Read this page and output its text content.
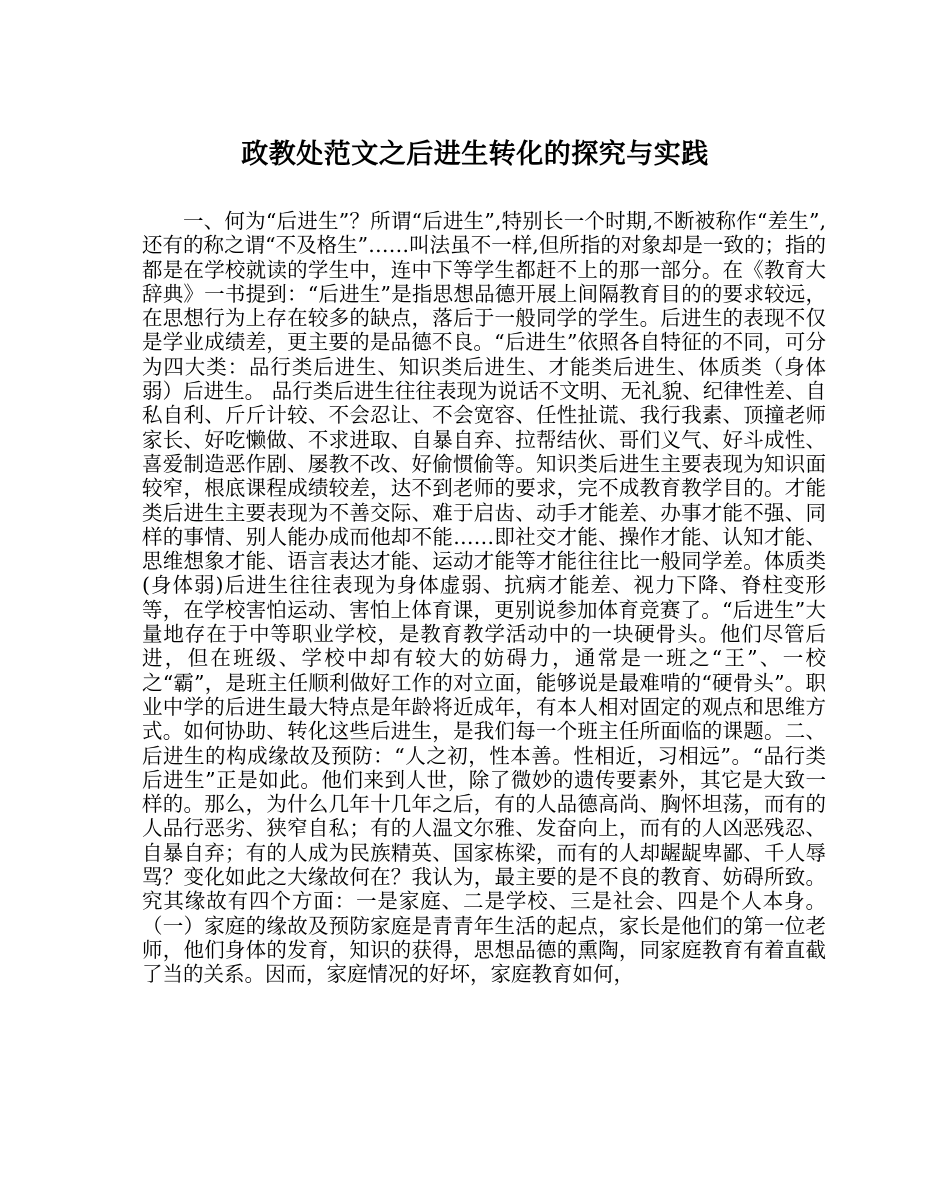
政教处范文之后进生转化的探究与实践

一、何为“后进生”？所谓“后进生”,特别长一个时期,不断被称作“差生”,还有的称之谓“不及格生”……叫法虽不一样,但所指的对象却是一致的；指的都是在学校就读的学生中，连中下等学生都赶不上的那一部分。在《教育大辞典》一书提到：“后进生”是指思想品德开展上间隔教育目的的要求较远，在思想行为上存在较多的缺点，落后于一般同学的学生。后进生的表现不仅是学业成绩差，更主要的是品德不良。“后进生”依照各自特征的不同，可分为四大类：品行类后进生、知识类后进生、才能类后进生、体质类（身体弱）后进生。 品行类后进生往往表现为说话不文明、无礼貌、纪律性差、自私自利、斤斤计较、不会忍让、不会宽容、任性扯谎、我行我素、顶撞老师家长、好吃懒做、不求进取、自暴自弃、拉帮结伙、哥们义气、好斗成性、喜爱制造恶作剧、屡教不改、好偷惯偷等。知识类后进生主要表现为知识面较窄，根底课程成绩较差，达不到老师的要求，完不成教育教学目的。才能类后进生主要表现为不善交际、难于启齿、动手才能差、办事才能不强、同样的事情、别人能办成而他却不能……即社交才能、操作才能、认知才能、思维想象才能、语言表达才能、运动才能等才能往往比一般同学差。体质类(身体弱)后进生往往表现为身体虚弱、抗病才能差、视力下降、脊柱变形等，在学校害怕运动、害怕上体育课，更别说参加体育竞赛了。“后进生”大量地存在于中等职业学校，是教育教学活动中的一块硬骨头。他们尽管后进，但在班级、学校中却有较大的妨碍力，通常是一班之“王”、一校之“霸”，是班主任顺利做好工作的对立面，能够说是最难啃的“硬骨头”。职业中学的后进生最大特点是年龄将近成年，有本人相对固定的观点和思维方式。如何协助、转化这些后进生，是我们每一个班主任所面临的课题。二、后进生的构成缘故及预防：“人之初，性本善。性相近，习相远”。“品行类后进生”正是如此。他们来到人世，除了微妙的遗传要素外，其它是大致一样的。那么，为什么几年十几年之后，有的人品德高尚、胸怀坦荡，而有的人品行恶劣、狭窄自私；有的人温文尔雅、发奋向上，而有的人凶恶残忍、自暴自弃；有的人成为民族精英、国家栋梁，而有的人却龌龊卑鄙、千人辱骂？变化如此之大缘故何在？我认为，最主要的是不良的教育、妨碍所致。究其缘故有四个方面：一是家庭、二是学校、三是社会、四是个人本身。（一）家庭的缘故及预防家庭是青青年生活的起点，家长是他们的第一位老师，他们身体的发育，知识的获得，思想品德的熏陶，同家庭教育有着直截了当的关系。因而，家庭情况的好坏，家庭教育如何，
